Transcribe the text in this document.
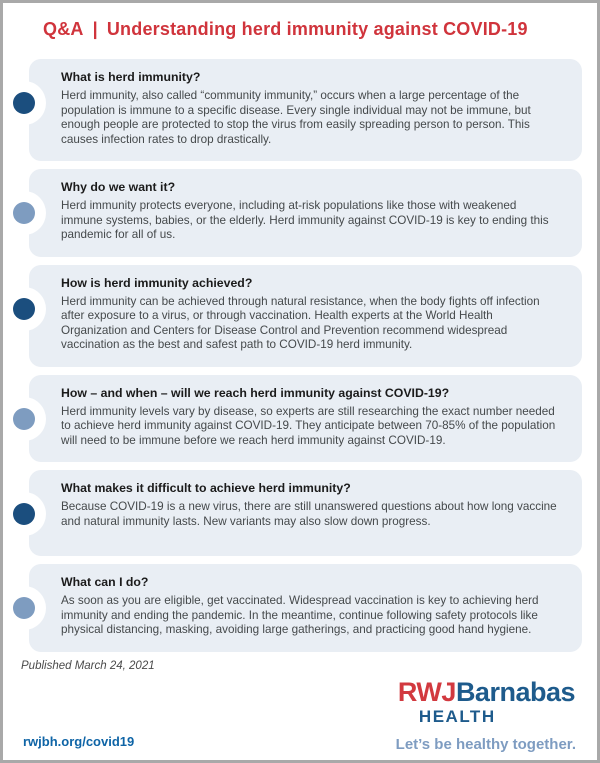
Q&A | Understanding herd immunity against COVID-19
What is herd immunity?
Herd immunity, also called “community immunity,” occurs when a large percentage of the population is immune to a specific disease. Every single individual may not be immune, but enough people are protected to stop the virus from easily spreading person to person. This causes infection rates to drop drastically.
Why do we want it?
Herd immunity protects everyone, including at-risk populations like those with weakened immune systems, babies, or the elderly. Herd immunity against COVID-19 is key to ending this pandemic for all of us.
How is herd immunity achieved?
Herd immunity can be achieved through natural resistance, when the body fights off infection after exposure to a virus, or through vaccination. Health experts at the World Health Organization and Centers for Disease Control and Prevention recommend widespread vaccination as the best and safest path to COVID-19 herd immunity.
How – and when – will we reach herd immunity against COVID-19?
Herd immunity levels vary by disease, so experts are still researching the exact number needed to achieve herd immunity against COVID-19. They anticipate between 70-85% of the population will need to be immune before we reach herd immunity against COVID-19.
What makes it difficult to achieve herd immunity?
Because COVID-19 is a new virus, there are still unanswered questions about how long vaccine and natural immunity lasts. New variants may also slow down progress.
What can I do?
As soon as you are eligible, get vaccinated. Widespread vaccination is key to achieving herd immunity and ending the pandemic. In the meantime, continue following safety protocols like physical distancing, masking, avoiding large gatherings, and practicing good hand hygiene.
Published March 24, 2021
RWJBarnabas
HEALTH
rwjbh.org/covid19	Let’s be healthy together.
